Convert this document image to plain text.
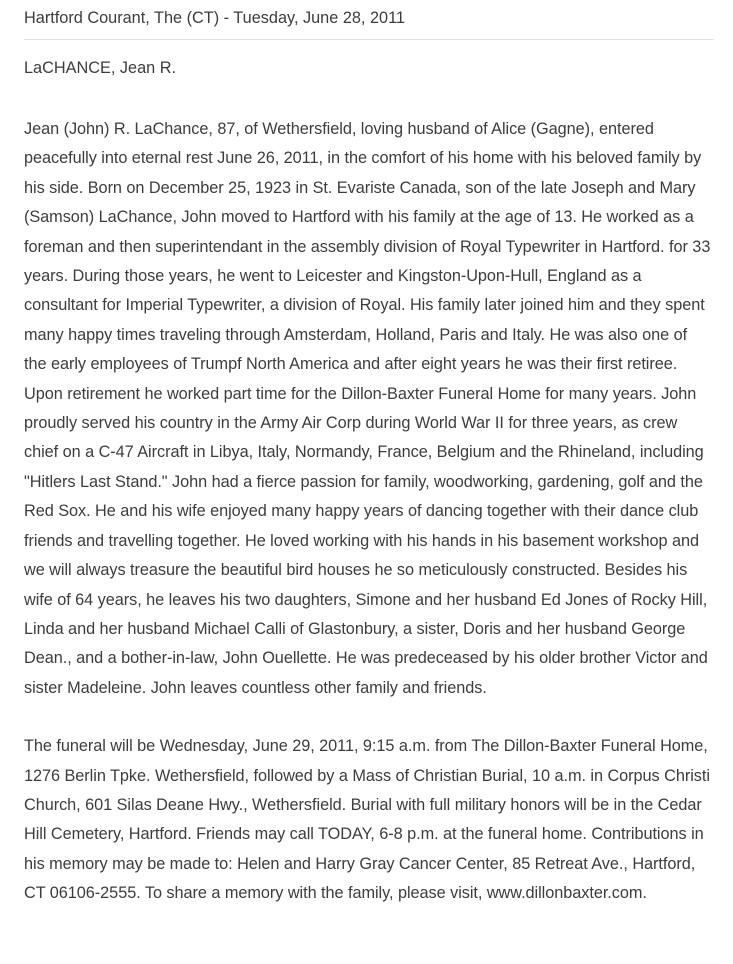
Hartford Courant, The (CT) - Tuesday, June 28, 2011
LaCHANCE, Jean R.

Jean (John) R. LaChance, 87, of Wethersfield, loving husband of Alice (Gagne), entered peacefully into eternal rest June 26, 2011, in the comfort of his home with his beloved family by his side. Born on December 25, 1923 in St. Evariste Canada, son of the late Joseph and Mary (Samson) LaChance, John moved to Hartford with his family at the age of 13. He worked as a foreman and then superintendant in the assembly division of Royal Typewriter in Hartford. for 33 years. During those years, he went to Leicester and Kingston-Upon-Hull, England as a consultant for Imperial Typewriter, a division of Royal. His family later joined him and they spent many happy times traveling through Amsterdam, Holland, Paris and Italy. He was also one of the early employees of Trumpf North America and after eight years he was their first retiree. Upon retirement he worked part time for the Dillon-Baxter Funeral Home for many years. John proudly served his country in the Army Air Corp during World War II for three years, as crew chief on a C-47 Aircraft in Libya, Italy, Normandy, France, Belgium and the Rhineland, including "Hitlers Last Stand." John had a fierce passion for family, woodworking, gardening, golf and the Red Sox. He and his wife enjoyed many happy years of dancing together with their dance club friends and travelling together. He loved working with his hands in his basement workshop and we will always treasure the beautiful bird houses he so meticulously constructed. Besides his wife of 64 years, he leaves his two daughters, Simone and her husband Ed Jones of Rocky Hill, Linda and her husband Michael Calli of Glastonbury, a sister, Doris and her husband George Dean., and a bother-in-law, John Ouellette. He was predeceased by his older brother Victor and sister Madeleine. John leaves countless other family and friends.

The funeral will be Wednesday, June 29, 2011, 9:15 a.m. from The Dillon-Baxter Funeral Home, 1276 Berlin Tpke. Wethersfield, followed by a Mass of Christian Burial, 10 a.m. in Corpus Christi Church, 601 Silas Deane Hwy., Wethersfield. Burial with full military honors will be in the Cedar Hill Cemetery, Hartford. Friends may call TODAY, 6-8 p.m. at the funeral home. Contributions in his memory may be made to: Helen and Harry Gray Cancer Center, 85 Retreat Ave., Hartford, CT 06106-2555. To share a memory with the family, please visit, www.dillonbaxter.com.
